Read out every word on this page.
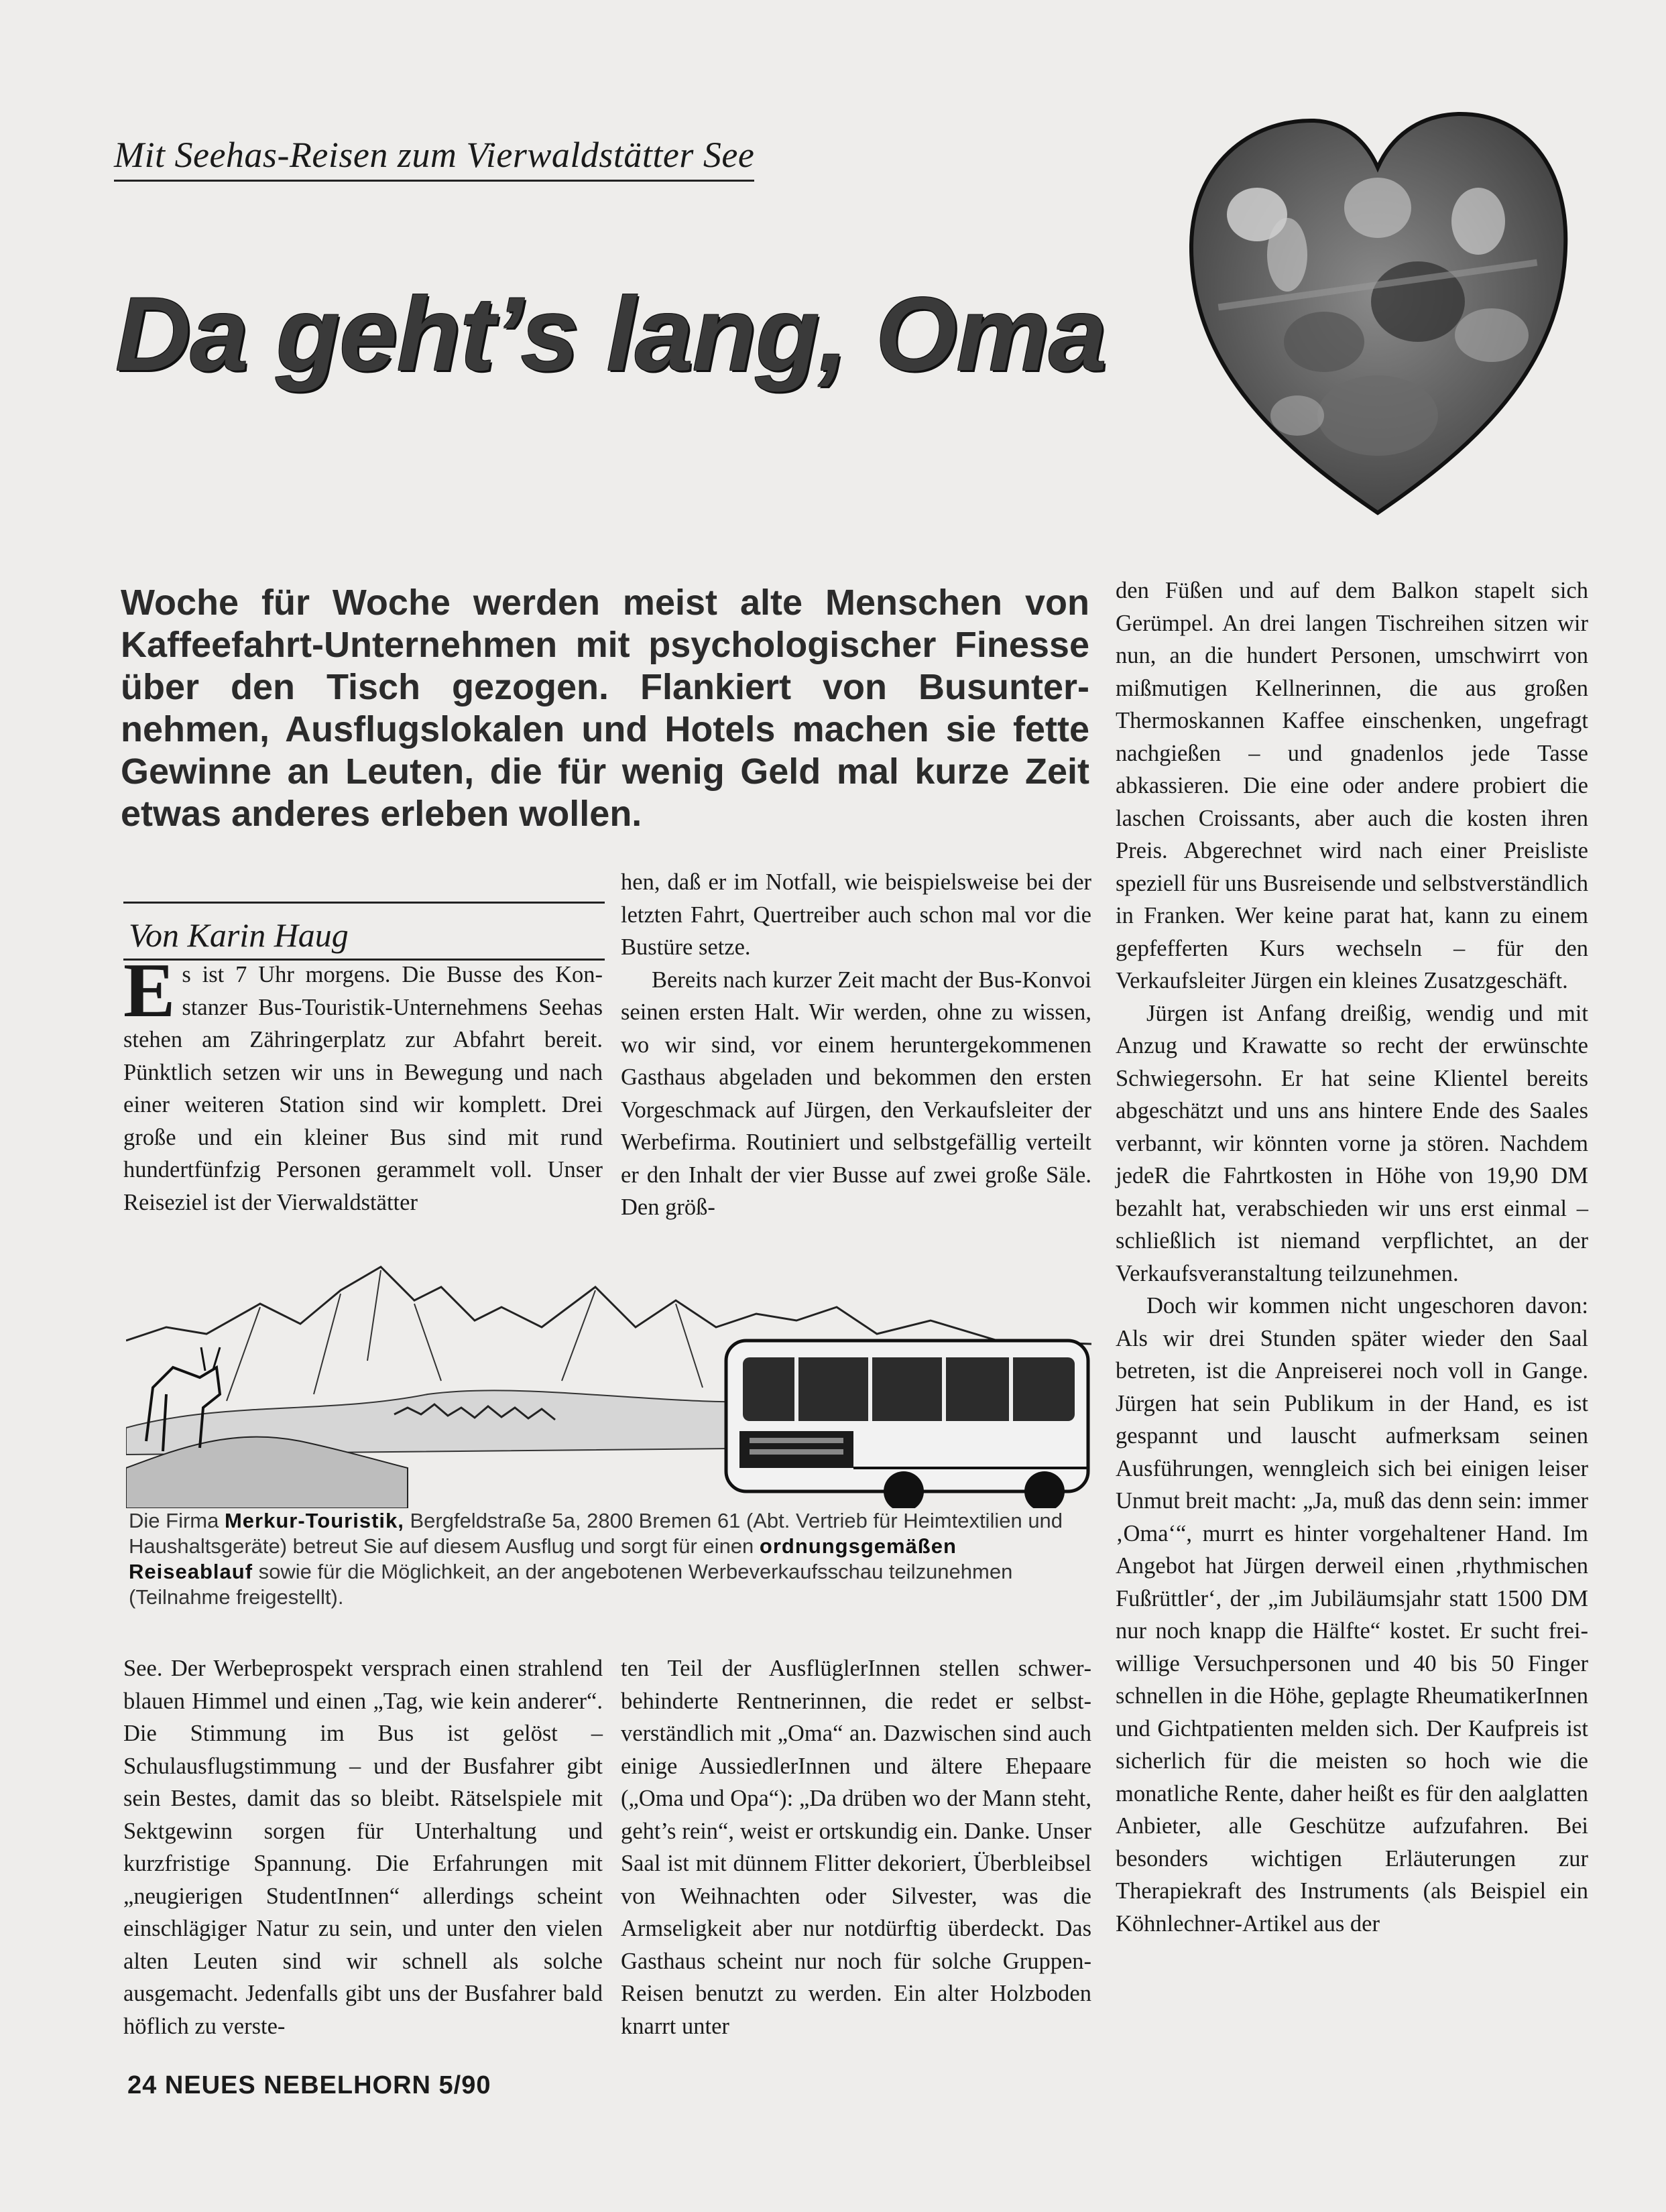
Mit Seehas-Reisen zum Vierwaldstätter See
Da geht’s lang, Oma
Woche für Woche werden meist alte Menschen von Kaffeefahrt-Unternehmen mit psychologischer Finesse über den Tisch gezogen. Flankiert von Busunternehmen, Ausflugslokalen und Hotels machen sie fette Gewinne an Leuten, die für wenig Geld mal kurze Zeit etwas anderes erleben wollen.
Von Karin Haug

Es ist 7 Uhr morgens. Die Busse des Konstanzer Bus-Touristik-Unternehmens Seehas stehen am Zähringerplatz zur Abfahrt bereit. Pünktlich setzen wir uns in Bewegung und nach einer weiteren Station sind wir komplett. Drei große und ein kleiner Bus sind mit rund hundertfünfzig Personen gerammelt voll. Unser Reiseziel ist der Vierwaldstätter

hen, daß er im Notfall, wie beispielsweise bei der letzten Fahrt, Quertreiber auch schon mal vor die Bustüre setze.

Bereits nach kurzer Zeit macht der Bus-Konvoi seinen ersten Halt. Wir werden, ohne zu wissen, wo wir sind, vor einem heruntergekommenen Gasthaus abgeladen und bekommen den ersten Vorgeschmack auf Jürgen, den Verkaufsleiter der Werbefirma. Routiniert und selbstgefällig verteilt er den Inhalt der vier Busse auf zwei große Säle. Den größ-

den Füßen und auf dem Balkon stapelt sich Gerümpel. An drei langen Tischreihen sitzen wir nun, an die hundert Personen, umschwirrt von mißmutigen Kellnerinnen, die aus großen Thermoskannen Kaffee einschenken, ungefragt nachgießen – und gnadenlos jede Tasse abkassieren. Die eine oder andere probiert die laschen Croissants, aber auch die kosten ihren Preis. Abgerechnet wird nach einer Preisliste speziell für uns Busreisende und selbstverständlich in Franken. Wer keine parat hat, kann zu einem gepfefferten Kurs wechseln – für den Verkaufsleiter Jürgen ein kleines Zusatzgeschäft.

Jürgen ist Anfang dreißig, wendig und mit Anzug und Krawatte so recht der erwünschte Schwiegersohn. Er hat seine Klientel bereits abgeschätzt und uns ans hintere Ende des Saales verbannt, wir könnten vorne ja stören. Nachdem jedeR die Fahrtkosten in Höhe von 19,90 DM bezahlt hat, verabschieden wir uns erst einmal – schließlich ist niemand verpflichtet, an der Verkaufsveranstaltung teilzunehmen.

Doch wir kommen nicht ungeschoren davon: Als wir drei Stunden später wieder den Saal betreten, ist die Anpreiserei noch voll in Gange. Jürgen hat sein Publikum in der Hand, es ist gespannt und lauscht aufmerksam seinen Ausführungen, wenngleich sich bei einigen leiser Unmut breit macht: „Ja, muß das denn sein: immer ‚Oma‘“, murrt es hinter vorgehaltener Hand. Im Angebot hat Jürgen derweil einen ‚rhythmischen Fußrüttler‘, der „im Jubiläumsjahr statt 1500 DM nur noch knapp die Hälfte“ kostet. Er sucht freiwillige Versuchpersonen und 40 bis 50 Finger schnellen in die Höhe, geplagte RheumatikerInnen und Gichtpatienten melden sich. Der Kaufpreis ist sicherlich für die meisten so hoch wie die monatliche Rente, daher heißt es für den aalglatten Anbieter, alle Geschütze aufzufahren. Bei besonders wichtigen Erläuterungen zur Therapiekraft des Instruments (als Beispiel ein Köhnlechner-Artikel aus der

Die Firma Merkur-Touristik, Bergfeldstraße 5a, 2800 Bremen 61 (Abt. Vertrieb für Heimtextilien und Haushaltsgeräte) betreut Sie auf diesem Ausflug und sorgt für einen ordnungsgemäßen Reiseablauf sowie für die Möglichkeit, an der angebotenen Werbeverkaufsschau teilzunehmen (Teilnahme freigestellt).

See. Der Werbeprospekt versprach einen strahlend blauen Himmel und einen „Tag, wie kein anderer“. Die Stimmung im Bus ist gelöst – Schulausflugstimmung – und der Busfahrer gibt sein Bestes, damit das so bleibt. Rätselspiele mit Sektgewinn sorgen für Unterhaltung und kurzfristige Spannung. Die Erfahrungen mit „neugierigen StudentInnen“ allerdings scheint einschlägiger Natur zu sein, und unter den vielen alten Leuten sind wir schnell als solche ausgemacht. Jedenfalls gibt uns der Busfahrer bald höflich zu verste-

ten Teil der AusflüglerInnen stellen schwerbehinderte Rentnerinnen, die redet er selbstverständlich mit „Oma“ an. Dazwischen sind auch einige AussiedlerInnen und ältere Ehepaare („Oma und Opa“): „Da drüben wo der Mann steht, geht’s rein“, weist er ortskundig ein. Danke. Unser Saal ist mit dünnem Flitter dekoriert, Überbleibsel von Weihnachten oder Silvester, was die Armseligkeit aber nur notdürftig überdeckt. Das Gasthaus scheint nur noch für solche Gruppen-Reisen benutzt zu werden. Ein alter Holzboden knarrt unter

24 NEUES NEBELHORN 5/90
